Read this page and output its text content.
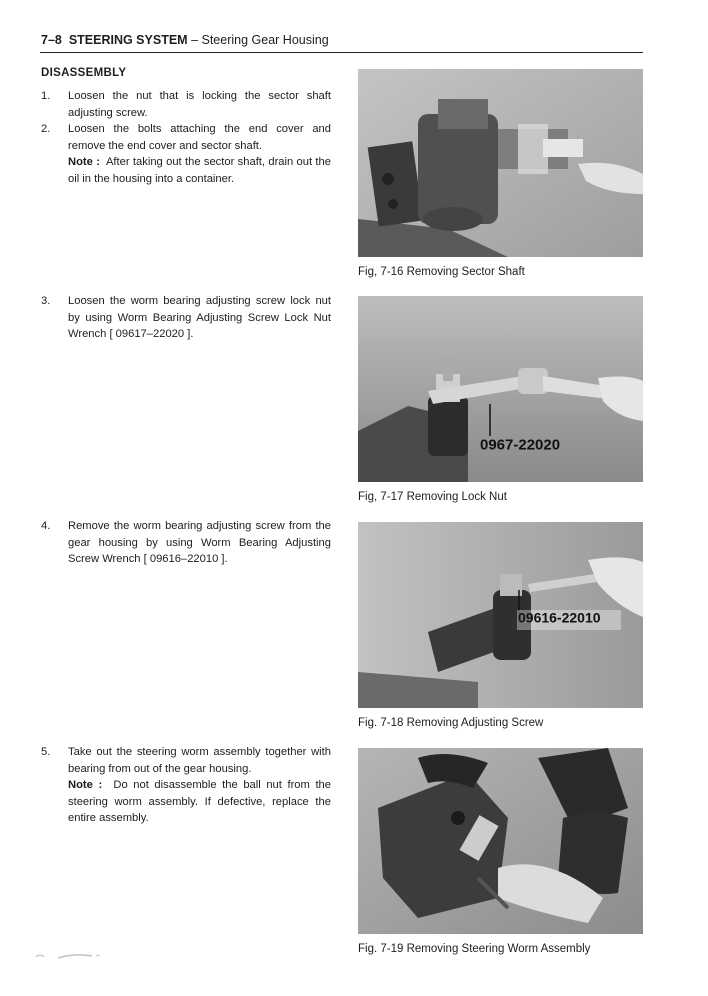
7–8 STEERING SYSTEM – Steering Gear Housing
DISASSEMBLY
1. Loosen the nut that is locking the sector shaft adjusting screw.
2. Loosen the bolts attaching the end cover and remove the end cover and sector shaft.
Note : After taking out the sector shaft, drain out the oil in the housing into a container.
3. Loosen the worm bearing adjusting screw lock nut by using Worm Bearing Adjusting Screw Lock Nut Wrench [ 09617–22020 ].
4. Remove the worm bearing adjusting screw from the gear housing by using Worm Bearing Adjusting Screw Wrench [ 09616–22010 ].
5. Take out the steering worm assembly together with bearing from out of the gear housing.
Note : Do not disassemble the ball nut from the steering worm assembly. If defective, replace the entire assembly.
Fig, 7-16 Removing Sector Shaft
0967-22020
Fig, 7-17 Removing Lock Nut
09616-22010
Fig. 7-18 Removing Adjusting Screw
Fig. 7-19 Removing Steering Worm Assembly
